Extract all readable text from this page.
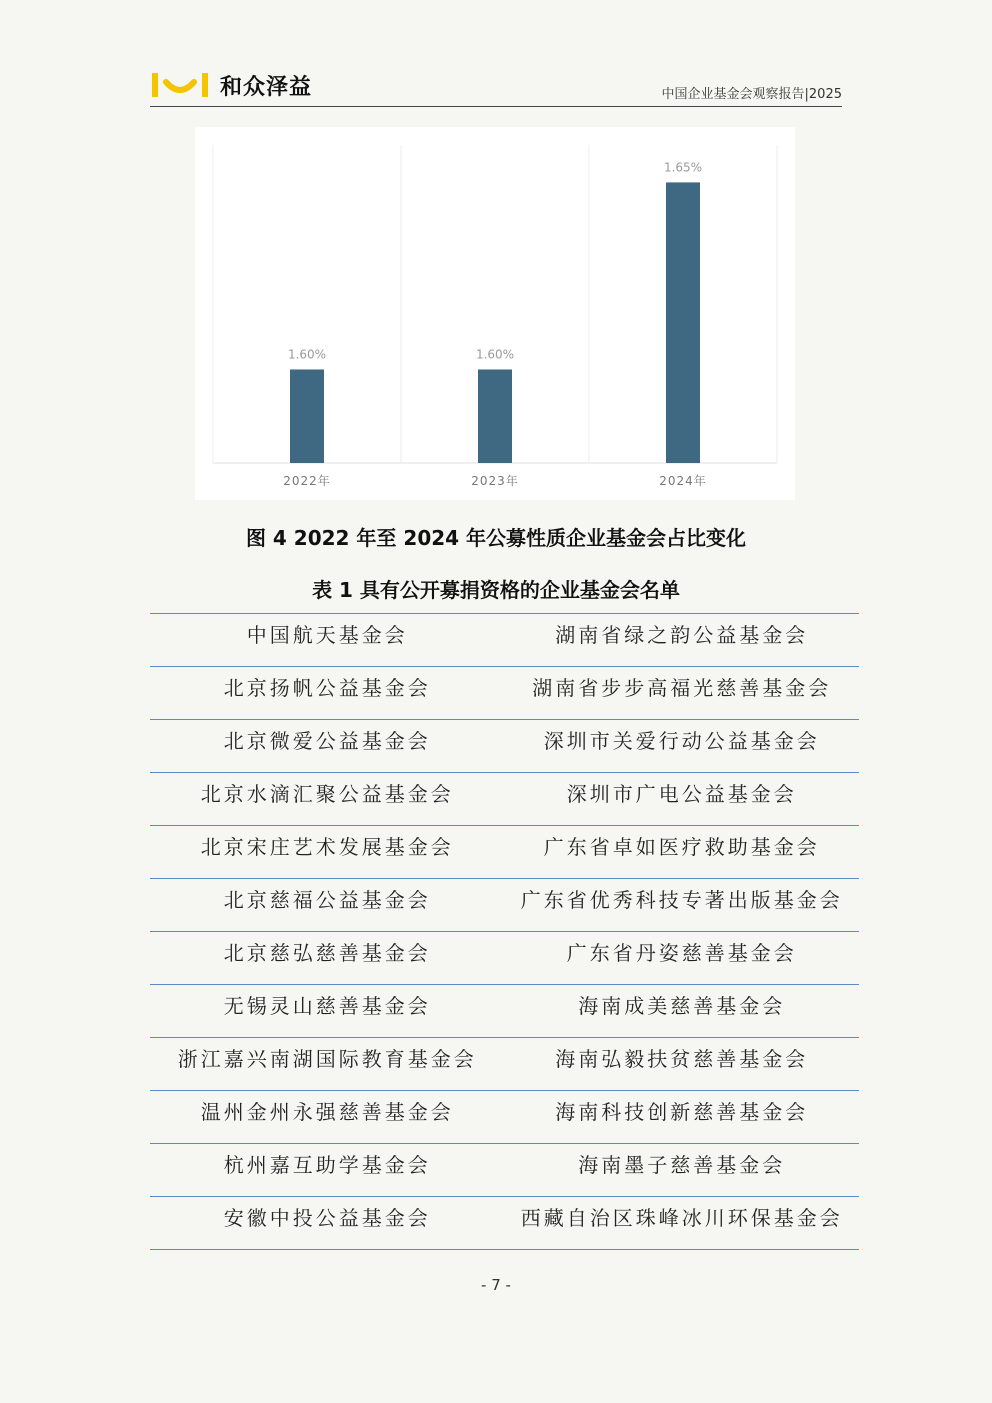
和众泽益	中国企业基金会观察报告|2025
1.60%
2022年
1.60%
2023年
1.65%
2024年
图 4 2022 年至 2024 年公募性质企业基金会占比变化
表 1 具有公开募捐资格的企业基金会名单
中国航天基金会	湖南省绿之韵公益基金会
北京扬帆公益基金会	湖南省步步高福光慈善基金会
北京微爱公益基金会	深圳市关爱行动公益基金会
北京水滴汇聚公益基金会	深圳市广电公益基金会
北京宋庄艺术发展基金会	广东省卓如医疗救助基金会
北京慈福公益基金会	广东省优秀科技专著出版基金会
北京慈弘慈善基金会	广东省丹姿慈善基金会
无锡灵山慈善基金会	海南成美慈善基金会
浙江嘉兴南湖国际教育基金会	海南弘毅扶贫慈善基金会
温州金州永强慈善基金会	海南科技创新慈善基金会
杭州嘉互助学基金会	海南墨子慈善基金会
安徽中投公益基金会	西藏自治区珠峰冰川环保基金会
- 7 -
